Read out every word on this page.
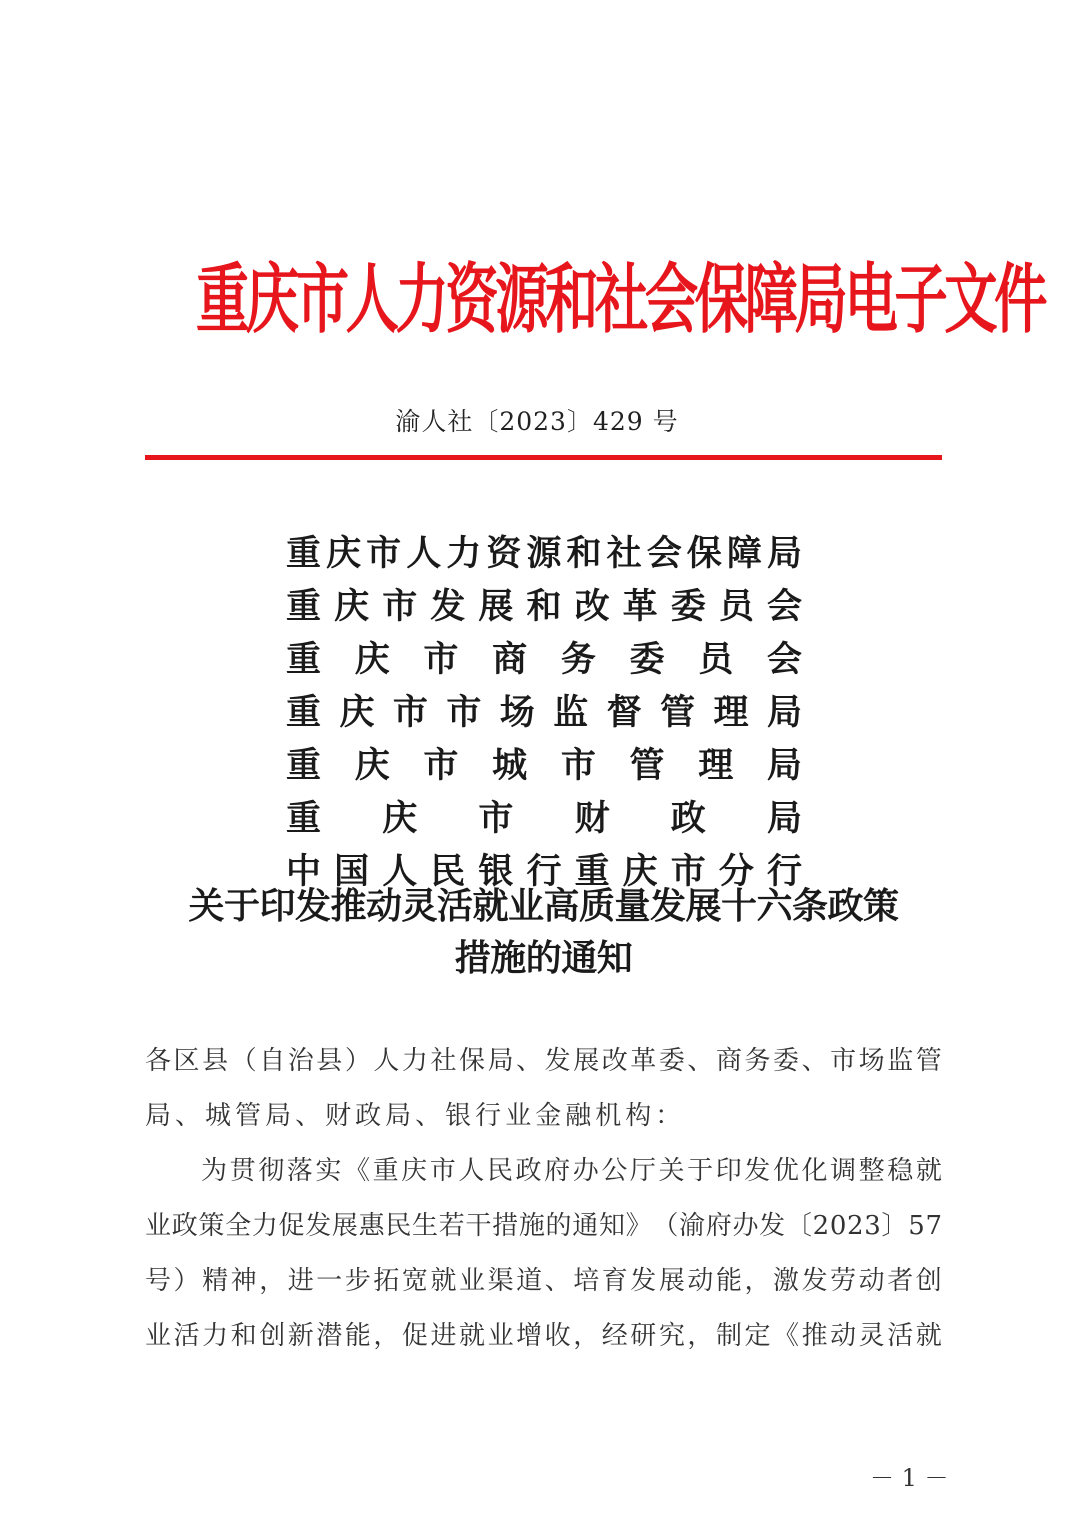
重庆市人力资源和社会保障局电子文件
渝人社〔2023〕429 号
重 庆 市 人 力 资 源 和 社 会 保 障 局
重 庆 市 发 展 和 改 革 委 员 会
重 庆 市 商 务 委 员 会
重 庆 市 市 场 监 督 管 理 局
重 庆 市 城 市 管 理 局
重 庆 市 财 政 局
中 国 人 民 银 行 重 庆 市 分 行
关于印发推动灵活就业高质量发展十六条政策
措施的通知
各 区 县 （ 自 治 县 ） 人 力 社 保 局 、 发 展 改 革 委 、 商 务 委 、 市 场 监 管
局 、 城 管 局 、 财 政 局 、 银 行 业 金 融 机 构 ：
为 贯 彻 落 实 《 重 庆 市 人 民 政 府 办 公 厅 关 于 印 发 优 化 调 整 稳 就
业 政 策 全 力 促 发 展 惠 民 生 若 干 措 施 的 通 知 》 （ 渝 府 办 发 〔 2 0 2 3 〕 5 7
号 ） 精 神 ， 进 一 步 拓 宽 就 业 渠 道 、 培 育 发 展 动 能 ， 激 发 劳 动 者 创
业 活 力 和 创 新 潜 能 ， 促 进 就 业 增 收 ， 经 研 究 ， 制 定 《 推 动 灵 活 就
－ 1 －
